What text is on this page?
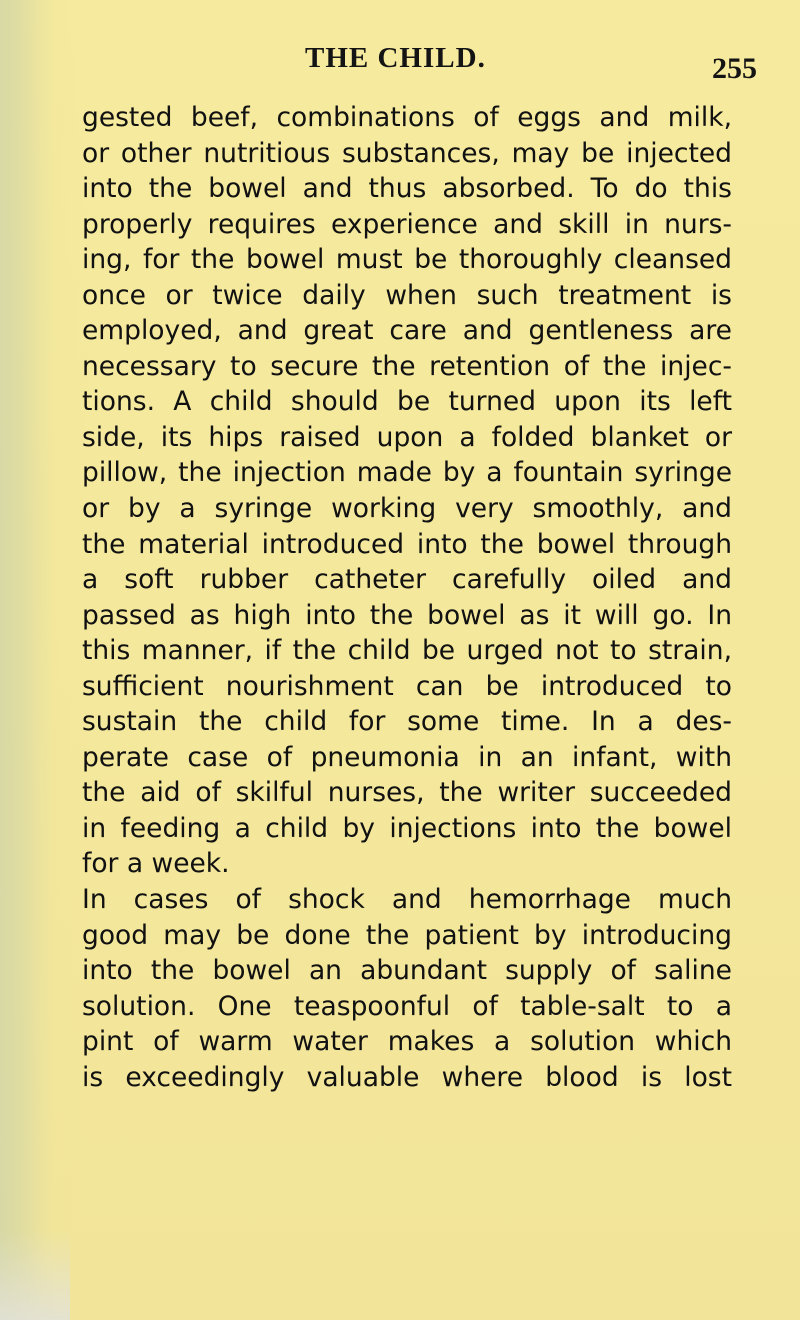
THE CHILD.	255
gested beef, combinations of eggs and milk,
or other nutritious substances, may be injected
into the bowel and thus absorbed. To do this
properly requires experience and skill in nurs-
ing, for the bowel must be thoroughly cleansed
once or twice daily when such treatment is
employed, and great care and gentleness are
necessary to secure the retention of the injec-
tions. A child should be turned upon its left
side, its hips raised upon a folded blanket or
pillow, the injection made by a fountain syringe
or by a syringe working very smoothly, and
the material introduced into the bowel through
a soft rubber catheter carefully oiled and
passed as high into the bowel as it will go. In
this manner, if the child be urged not to strain,
sufficient nourishment can be introduced to
sustain the child for some time. In a des-
perate case of pneumonia in an infant, with
the aid of skilful nurses, the writer succeeded
in feeding a child by injections into the bowel
for a week.
In cases of shock and hemorrhage much
good may be done the patient by introducing
into the bowel an abundant supply of saline
solution. One teaspoonful of table-salt to a
pint of warm water makes a solution which
is exceedingly valuable where blood is lost
